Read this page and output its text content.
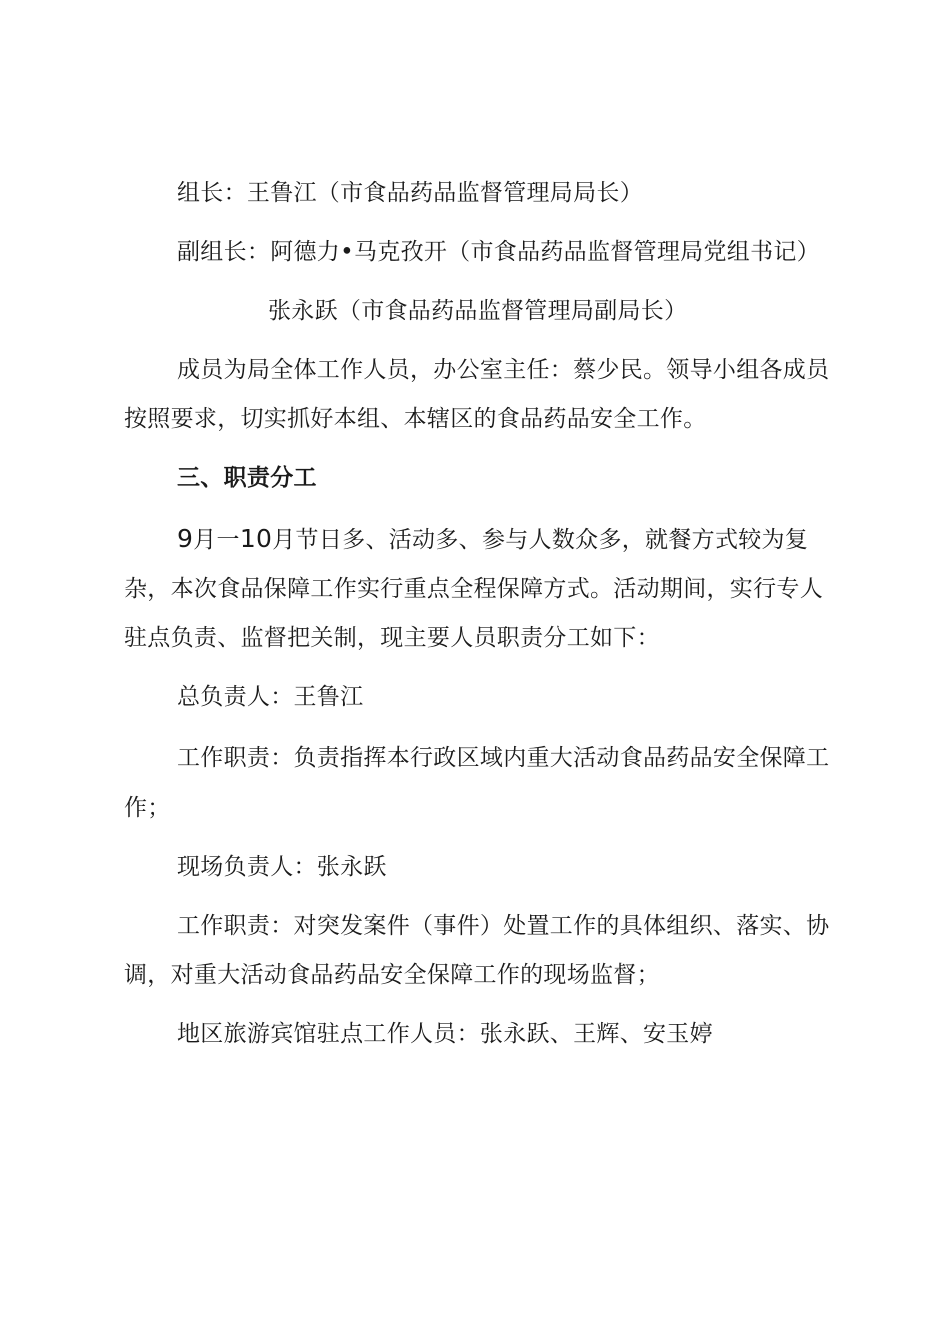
组长：王鲁江（市食品药品监督管理局局长）
副组长：阿德力•马克孜开（市食品药品监督管理局党组书记）
张永跃（市食品药品监督管理局副局长）
成员为局全体工作人员，办公室主任：蔡少民。领导小组各成员
按照要求，切实抓好本组、本辖区的食品药品安全工作。
三、职责分工
9月一10月节日多、活动多、参与人数众多，就餐方式较为复
杂，本次食品保障工作实行重点全程保障方式。活动期间，实行专人
驻点负责、监督把关制，现主要人员职责分工如下：
总负责人：王鲁江
工作职责：负责指挥本行政区域内重大活动食品药品安全保障工
作；
现场负责人：张永跃
工作职责：对突发案件（事件）处置工作的具体组织、落实、协
调，对重大活动食品药品安全保障工作的现场监督；
地区旅游宾馆驻点工作人员：张永跃、王辉、安玉婷
